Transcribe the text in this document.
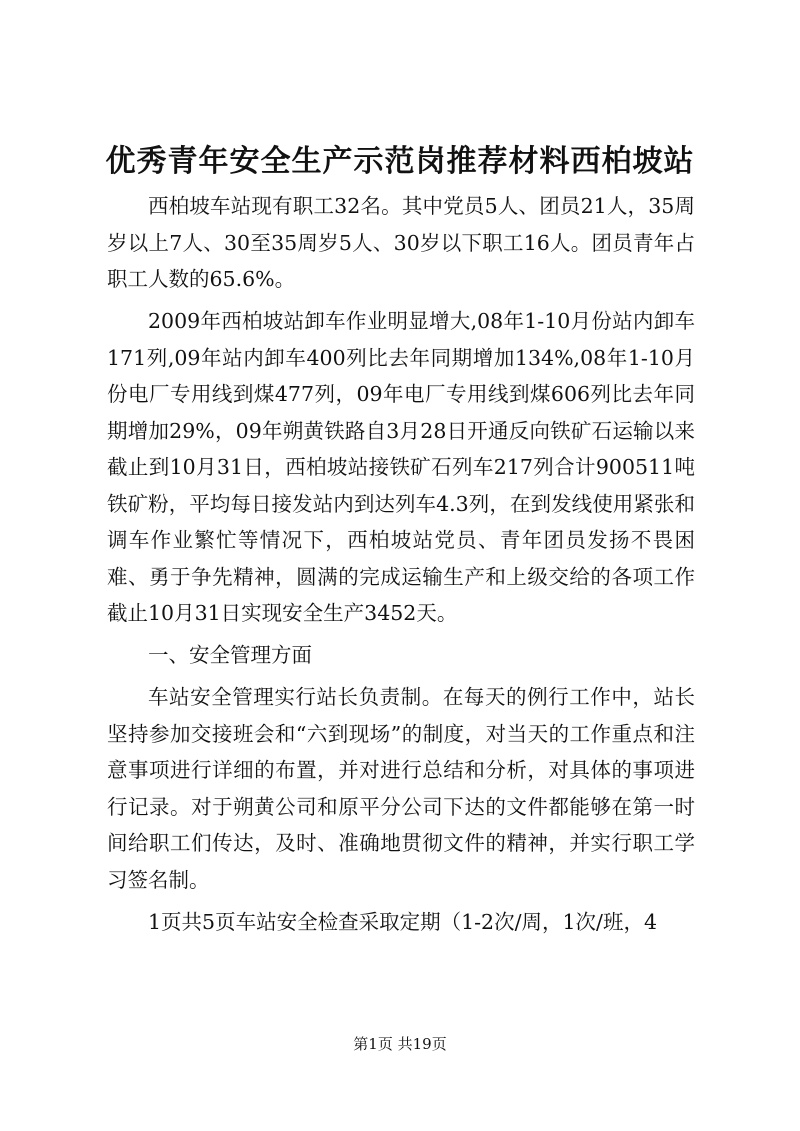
优秀青年安全生产示范岗推荐材料西柏坡站

西柏坡车站现有职工32名。其中党员5人、团员21人，35周岁以上7人、30至35周岁5人、30岁以下职工16人。团员青年占职工人数的65.6%。

2009年西柏坡站卸车作业明显增大,08年1-10月份站内卸车171列,09年站内卸车400列比去年同期增加134%,08年1-10月份电厂专用线到煤477列，09年电厂专用线到煤606列比去年同期增加29%，09年朔黄铁路自3月28日开通反向铁矿石运输以来截止到10月31日，西柏坡站接铁矿石列车217列合计900511吨铁矿粉，平均每日接发站内到达列车4.3列，在到发线使用紧张和调车作业繁忙等情况下，西柏坡站党员、青年团员发扬不畏困难、勇于争先精神，圆满的完成运输生产和上级交给的各项工作截止10月31日实现安全生产3452天。

一、安全管理方面

车站安全管理实行站长负责制。在每天的例行工作中，站长坚持参加交接班会和“六到现场”的制度，对当天的工作重点和注意事项进行详细的布置，并对进行总结和分析，对具体的事项进行记录。对于朔黄公司和原平分公司下达的文件都能够在第一时间给职工们传达，及时、准确地贯彻文件的精神，并实行职工学习签名制。

1页共5页车站安全检查采取定期（1-2次/周，1次/班，4

第1页 共19页
